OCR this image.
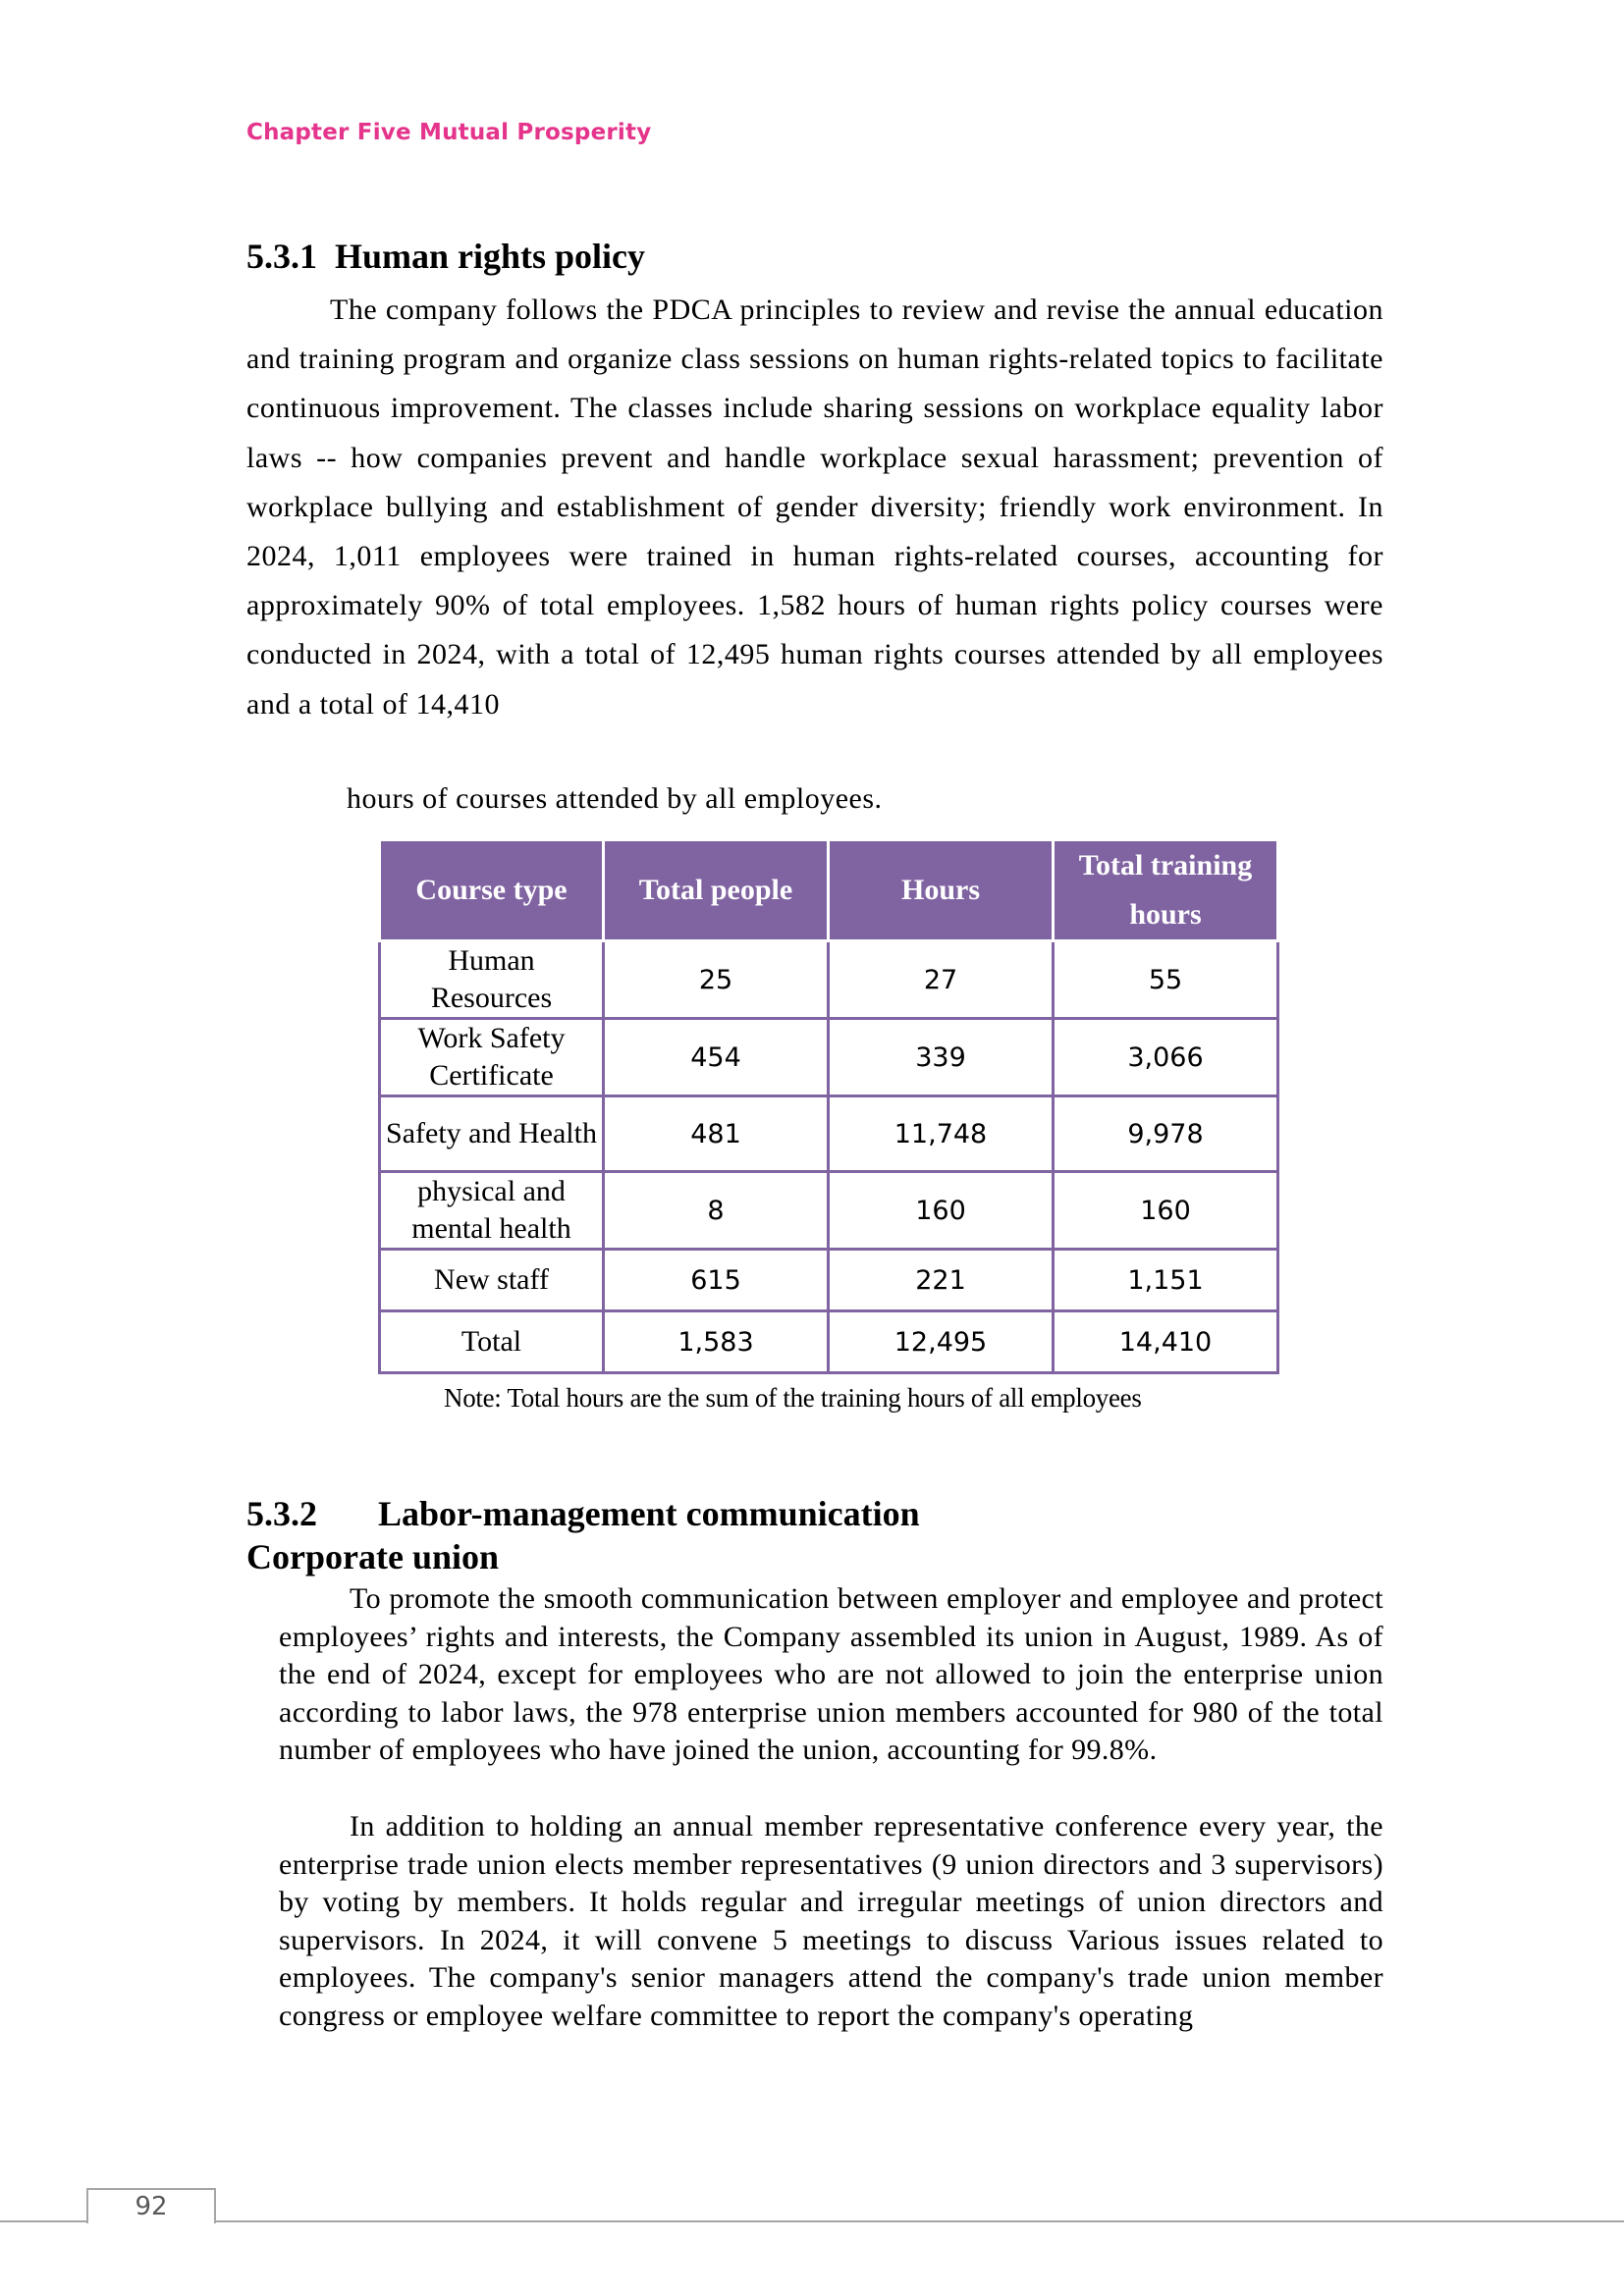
Chapter Five Mutual Prosperity
5.3.1 Human rights policy

The company follows the PDCA principles to review and revise the annual education and training program and organize class sessions on human rights-related topics to facilitate continuous improvement. The classes include sharing sessions on workplace equality labor laws -- how companies prevent and handle workplace sexual harassment; prevention of workplace bullying and establishment of gender diversity; friendly work environment. In 2024, 1,011 employees were trained in human rights-related courses, accounting for approximately 90% of total employees. 1,582 hours of human rights policy courses were conducted in 2024, with a total of 12,495 human rights courses attended by all employees and a total of 14,410

hours of courses attended by all employees.

Course type	Total people	Hours	Total training hours
Human Resources	25	27	55
Work Safety Certificate	454	339	3,066
Safety and Health	481	11,748	9,978
physical and mental health	8	160	160
New staff	615	221	1,151
Total	1,583	12,495	14,410
Note: Total hours are the sum of the training hours of all employees
5.3.2 Labor-management communication
Corporate union

To promote the smooth communication between employer and employee and protect employees’ rights and interests, the Company assembled its union in August, 1989. As of the end of 2024, except for employees who are not allowed to join the enterprise union according to labor laws, the 978 enterprise union members accounted for 980 of the total number of employees who have joined the union, accounting for 99.8%.

In addition to holding an annual member representative conference every year, the enterprise trade union elects member representatives (9 union directors and 3 supervisors) by voting by members. It holds regular and irregular meetings of union directors and supervisors. In 2024, it will convene 5 meetings to discuss Various issues related to employees. The company's senior managers attend the company's trade union member congress or employee welfare committee to report the company's operating

92
